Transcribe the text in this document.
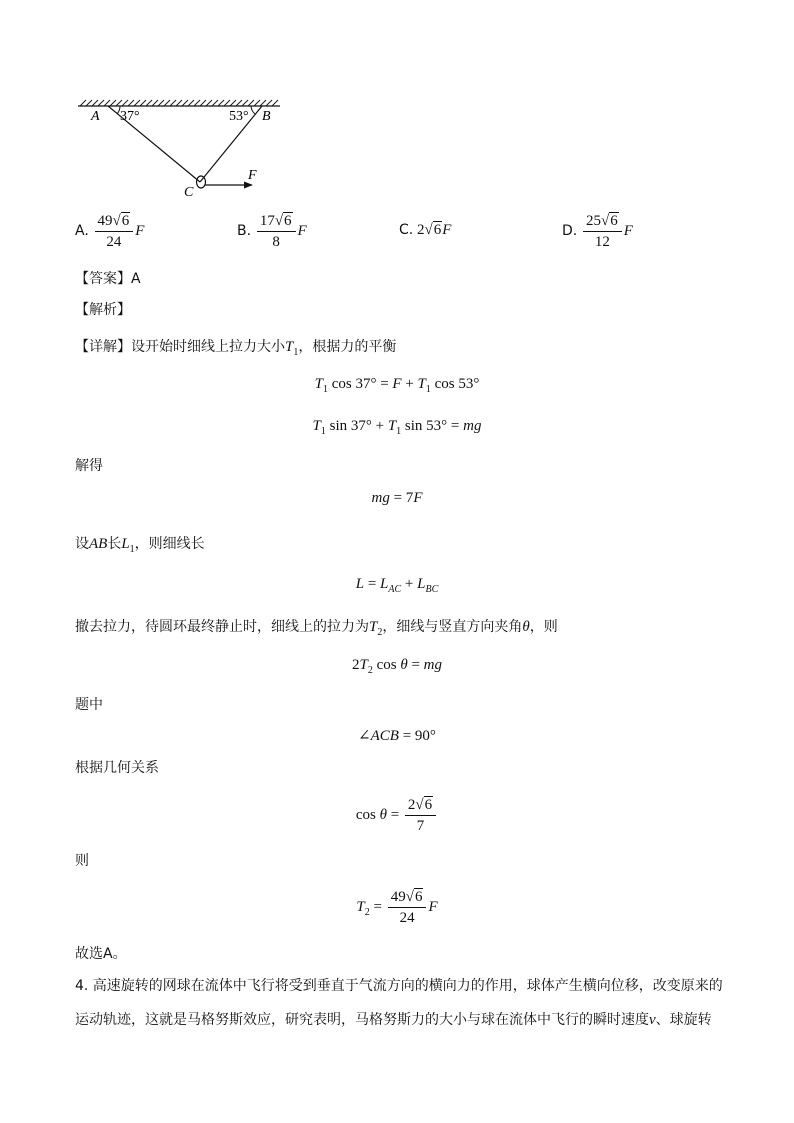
A 37°	53° B
C
F
A. $\frac{49√6}{24}$ F	B. $\frac{17√6}{8}$ F	C. 2√6F	D. $\frac{25√6}{12}$ F
【答案】A
【解析】
【详解】设开始时细线上拉力大小$T_1$，根据力的平衡
$T_1$ $\cos 37^\circ = F + T_1$ cos 53°
$T_1$ $\sin 37^\circ + T_1$ sin 53° = mg
解得
mg = 7F
设AB长$L_1$，则细线长
$L = L_{AC} + L_{BC}$
撤去拉力，待圆环最终静止时，细线上的拉力为$T_2$，细线与竖直方向夹角θ，则
$2T_2$ cos θ = mg
题中
∠ACB = 90°
根据几何关系
$\cos \theta = \frac{2√6}{7}$
则
$T_2 = \frac{49√6}{24}$ F
故选A。
4. 高速旋转的网球在流体中飞行将受到垂直于气流方向的横向力的作用，球体产生横向位移，改变原来的
运动轨迹，这就是马格努斯效应，研究表明，马格努斯力的大小与球在流体中飞行的瞬时速度v、球旋转
